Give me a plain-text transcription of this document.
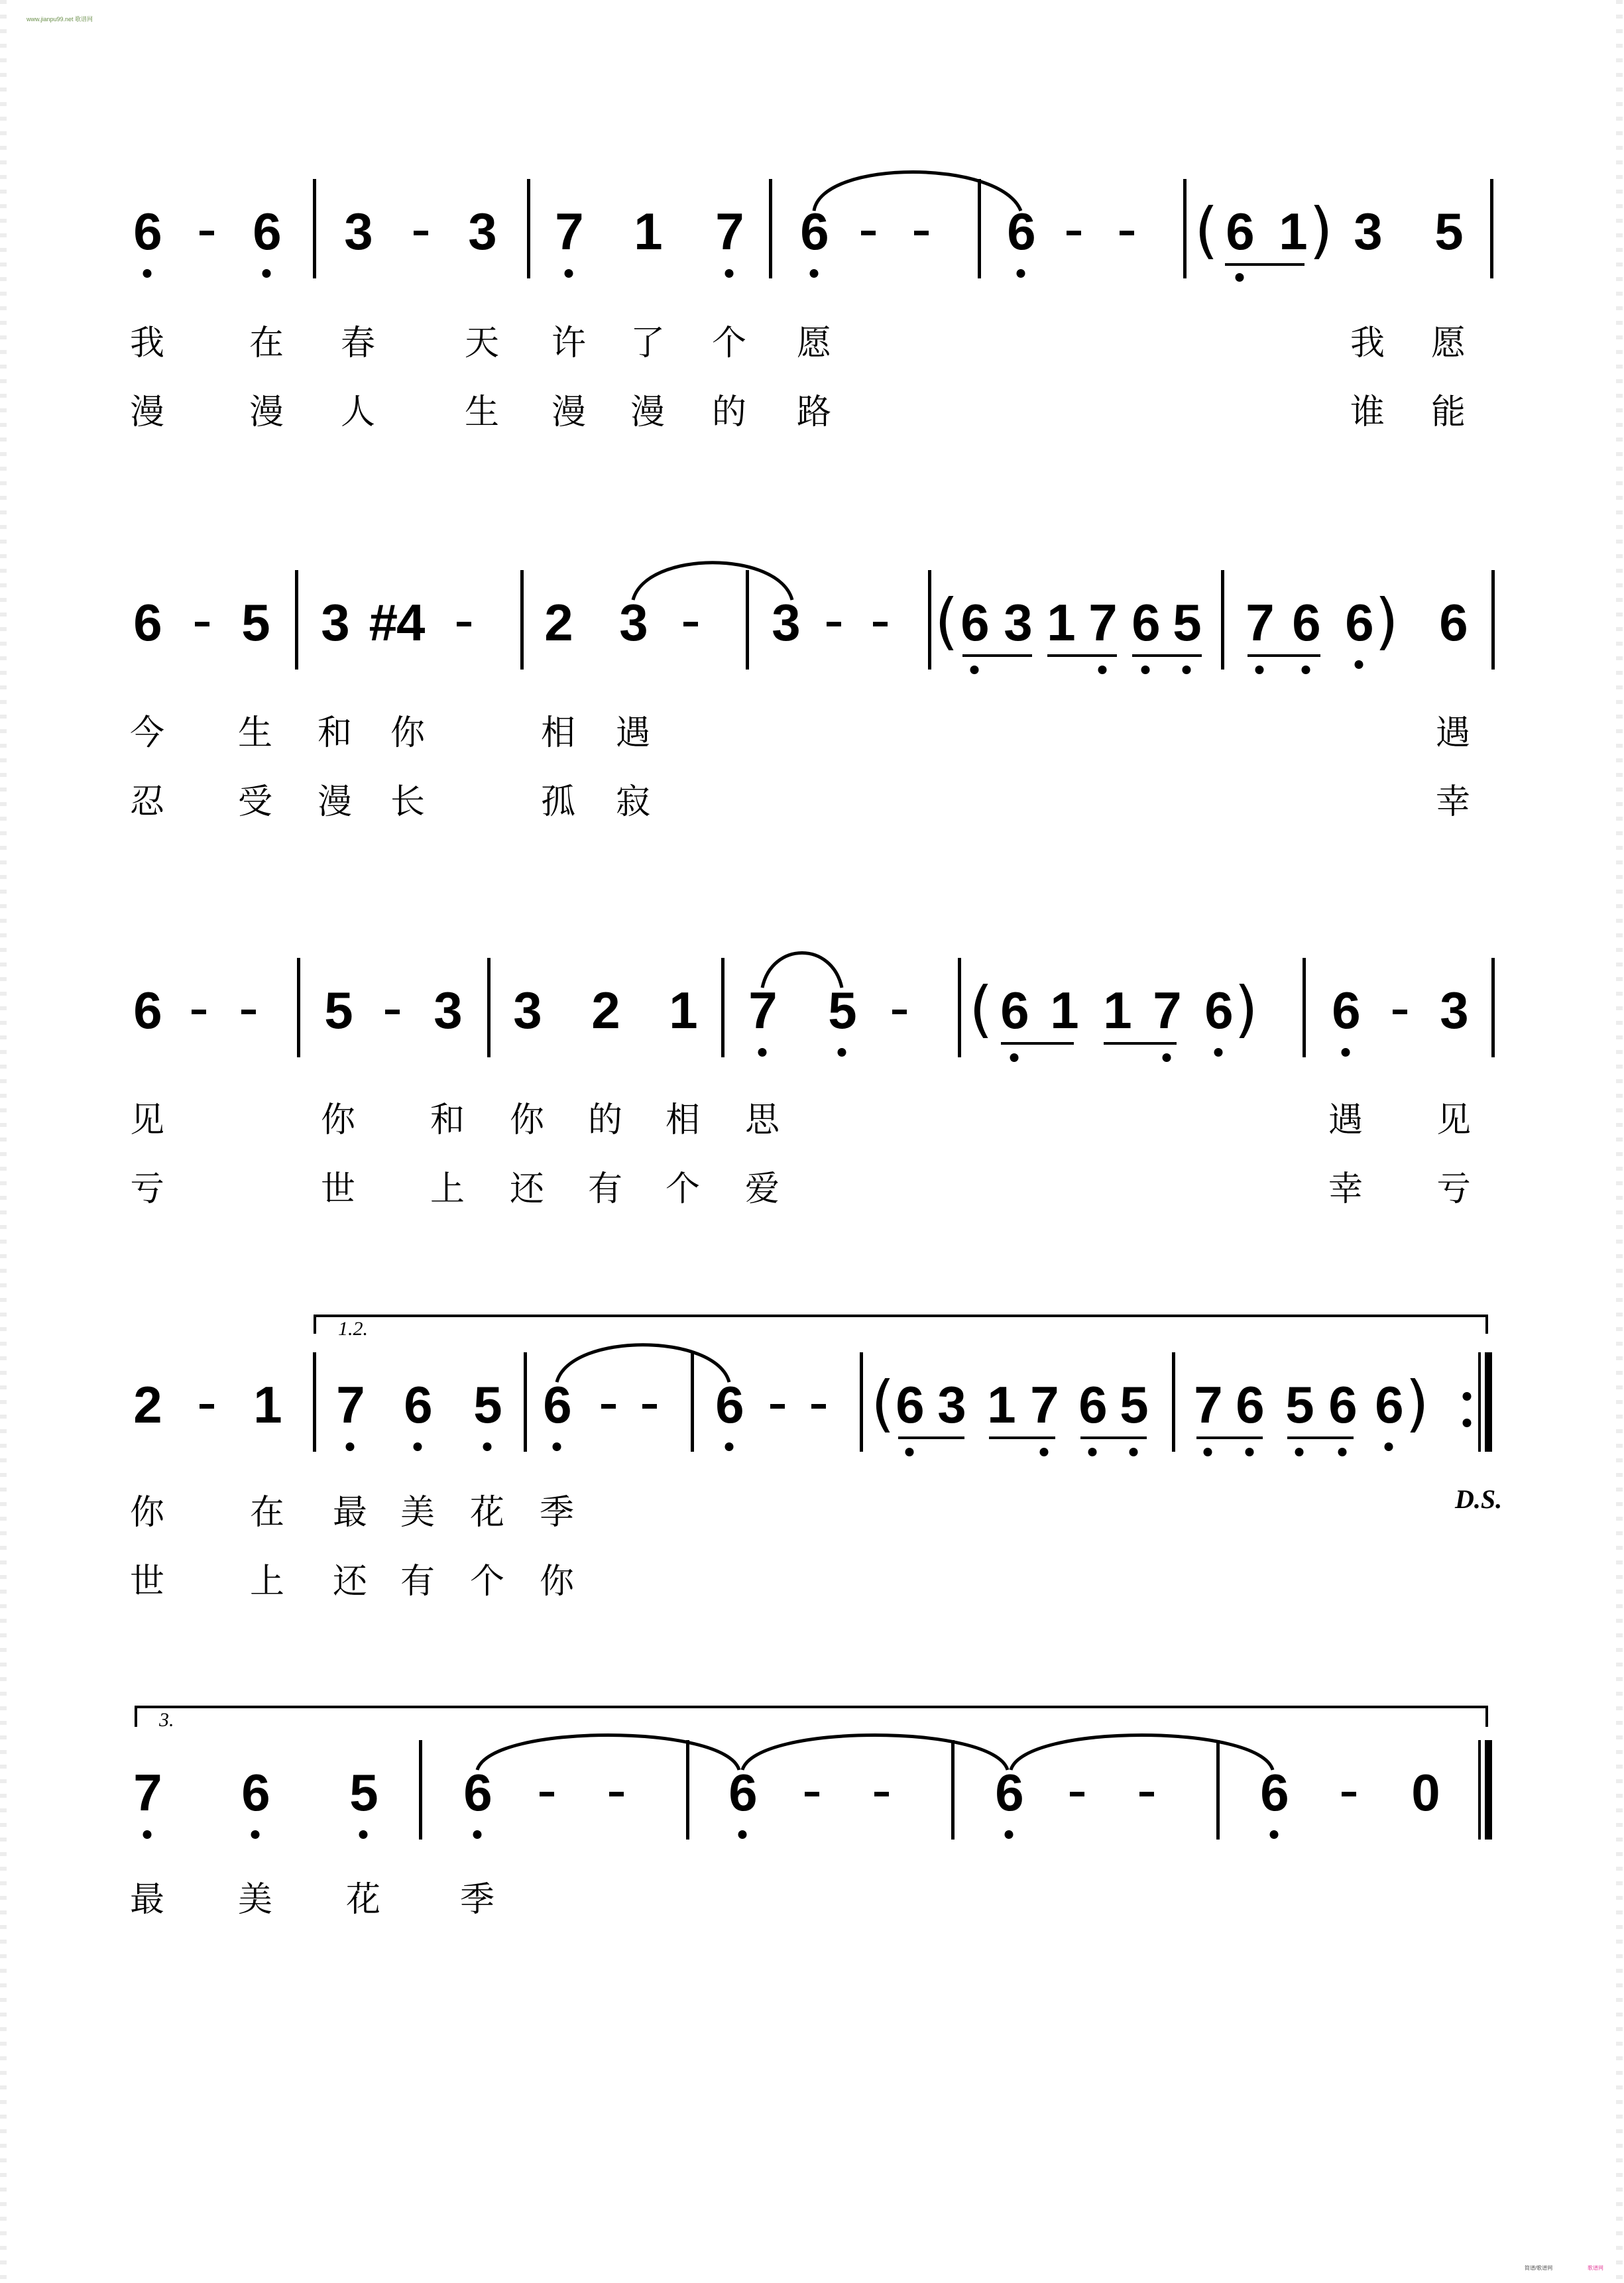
www.jianpu99.net 歌谱网
6 6 3 3 7 1 7 6	6	( 6 1 ) 3 5
我 在 春	天 许 了 个 愿	我 愿
漫 漫 人	生 漫 漫 的 路	谁 能
6 5 3 #4 2 3 3 ( 6 3 1 7 6 5 7 6 6 ) 6
今 生 和 你	相 遇	遇
忍 受 漫 长	孤 寂	幸
6	5 3 3 2 1 7 5 ( 6 1 1 7 6 ) 6 3
见	你 和 你 的 相 思	遇 见
亏	世 上 还 有 个 爱	幸 亏
1.2.
2 1 7 6 5 6	6 ( 6 3 1 7 6 5 7 6 5 6 6 )
D.S.
你 在 最 美 花 季
世 上 还 有 个 你
3.
7 6 5 6	6	6	6 0
最 美 花 季
简谱/歌谱网	歌谱网
